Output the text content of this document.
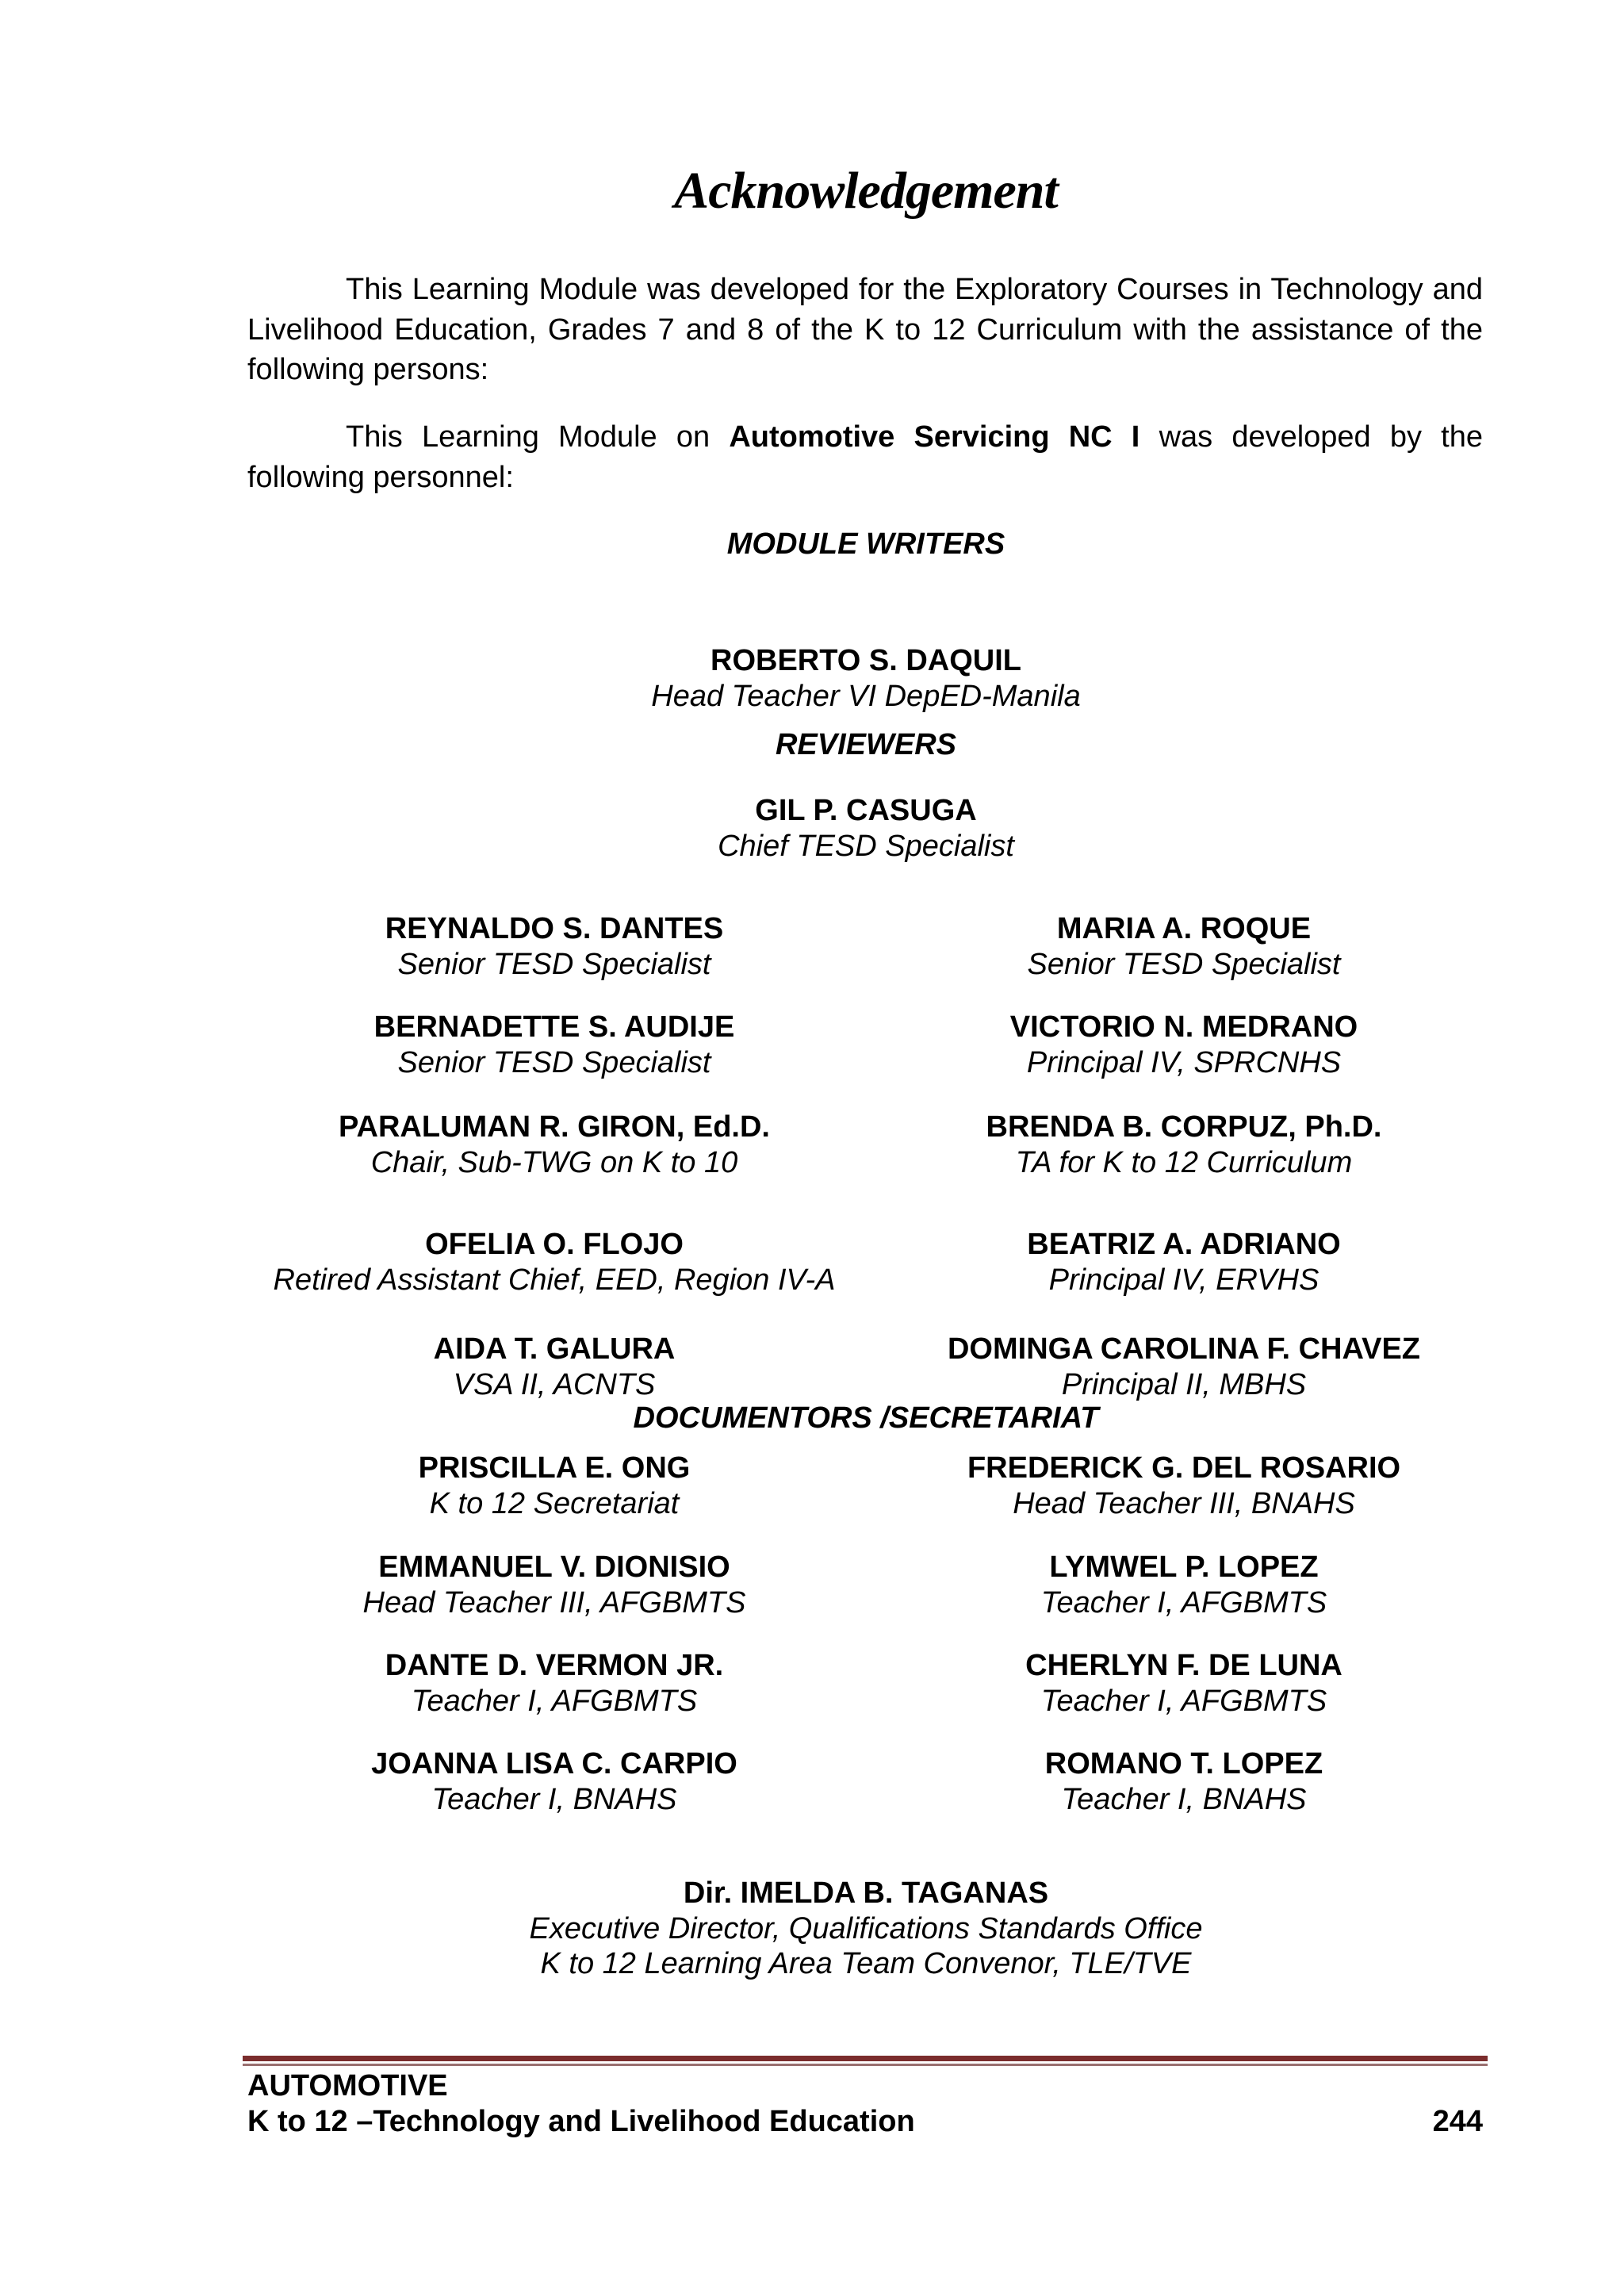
Acknowledgement
This Learning Module was developed for the Exploratory Courses in Technology and
Livelihood Education, Grades 7 and 8 of the K to 12 Curriculum with the assistance of the
following persons:
This Learning Module on Automotive Servicing NC I was developed by the
following personnel:
MODULE WRITERS
ROBERTO S. DAQUIL
Head Teacher VI DepED-Manila
REVIEWERS
GIL P. CASUGA
Chief TESD Specialist
REYNALDO S. DANTES
Senior TESD Specialist
MARIA A. ROQUE
Senior TESD Specialist
BERNADETTE S. AUDIJE
Senior TESD Specialist
VICTORIO N. MEDRANO
Principal IV, SPRCNHS
PARALUMAN R. GIRON, Ed.D.
Chair, Sub-TWG on K to 10
BRENDA B. CORPUZ, Ph.D.
TA for K to 12 Curriculum
OFELIA O. FLOJO
Retired Assistant Chief, EED, Region IV-A
BEATRIZ A. ADRIANO
Principal IV, ERVHS
AIDA T. GALURA
VSA II, ACNTS
DOMINGA CAROLINA F. CHAVEZ
Principal II, MBHS
DOCUMENTORS /SECRETARIAT
PRISCILLA E. ONG
K to 12 Secretariat
FREDERICK G. DEL ROSARIO
Head Teacher III, BNAHS
EMMANUEL V. DIONISIO
Head Teacher III, AFGBMTS
LYMWEL P. LOPEZ
Teacher I, AFGBMTS
DANTE D. VERMON JR.
Teacher I, AFGBMTS
CHERLYN F. DE LUNA
Teacher I, AFGBMTS
JOANNA LISA C. CARPIO
Teacher I, BNAHS
ROMANO T. LOPEZ
Teacher I, BNAHS
Dir. IMELDA B. TAGANAS
Executive Director, Qualifications Standards Office
K to 12 Learning Area Team Convenor, TLE/TVE
AUTOMOTIVE
K to 12 –Technology and Livelihood Education	244
